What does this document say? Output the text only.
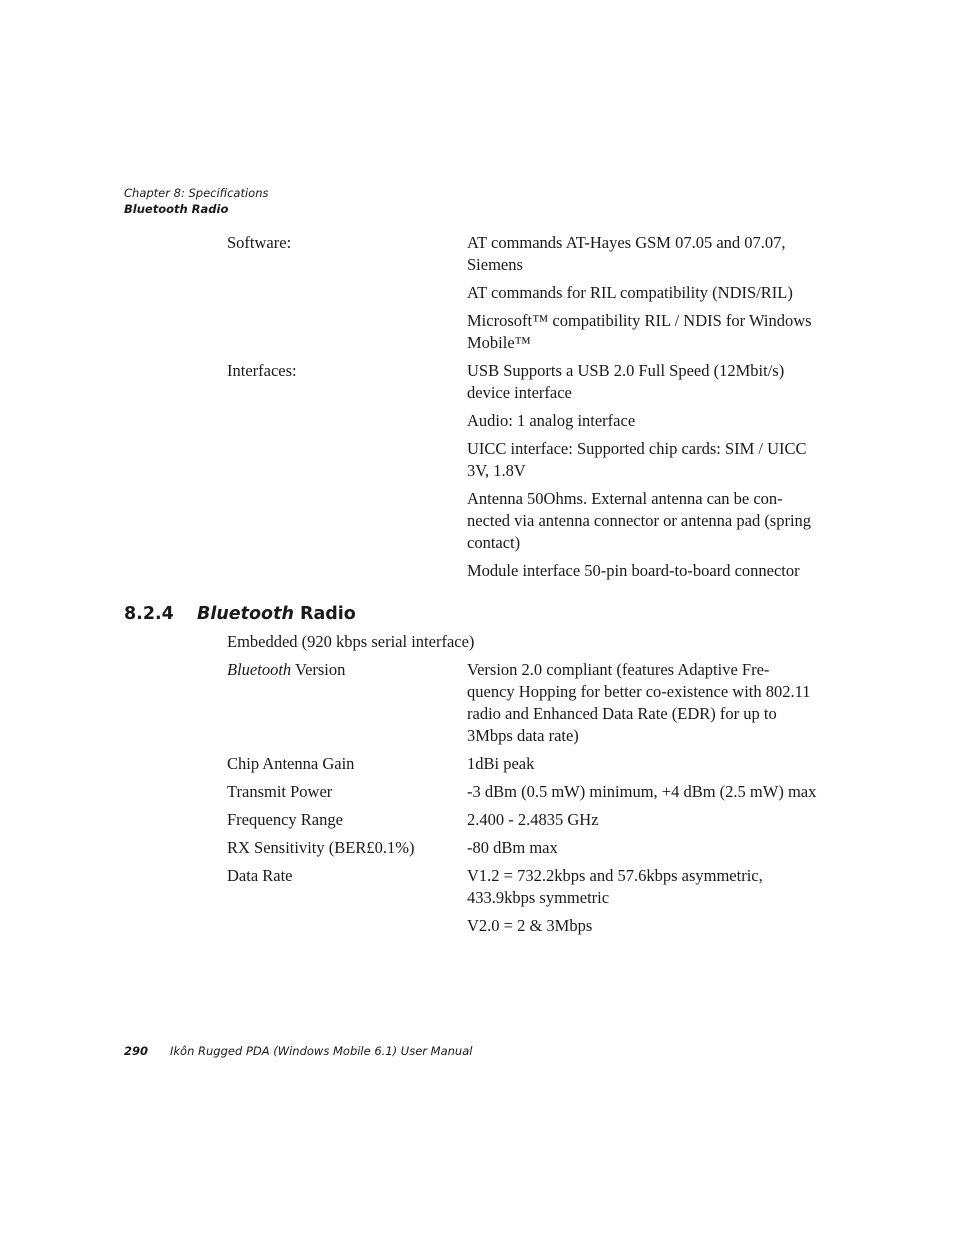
Chapter 8: Specifications
Bluetooth Radio
Software:	AT commands AT-Hayes GSM 07.05 and 07.07, Siemens
AT commands for RIL compatibility (NDIS/RIL)
Microsoft™ compatibility RIL / NDIS for Windows Mobile™
Interfaces:	USB Supports a USB 2.0 Full Speed (12Mbit/s) device interface
Audio: 1 analog interface
UICC interface: Supported chip cards: SIM / UICC 3V, 1.8V
Antenna 50Ohms. External antenna can be con-nected via antenna connector or antenna pad (spring contact)
Module interface 50-pin board-to-board connector
8.2.4 Bluetooth Radio
Embedded (920 kbps serial interface)
Bluetooth Version	Version 2.0 compliant (features Adaptive Fre-quency Hopping for better co-existence with 802.11 radio and Enhanced Data Rate (EDR) for up to 3Mbps data rate)
Chip Antenna Gain	1dBi peak
Transmit Power	-3 dBm (0.5 mW) minimum, +4 dBm (2.5 mW) max
Frequency Range	2.400 - 2.4835 GHz
RX Sensitivity (BER£0.1%)	-80 dBm max
Data Rate	V1.2 = 732.2kbps and 57.6kbps asymmetric, 433.9kbps symmetric
V2.0 = 2 & 3Mbps
290 Ikôn Rugged PDA (Windows Mobile 6.1) User Manual
